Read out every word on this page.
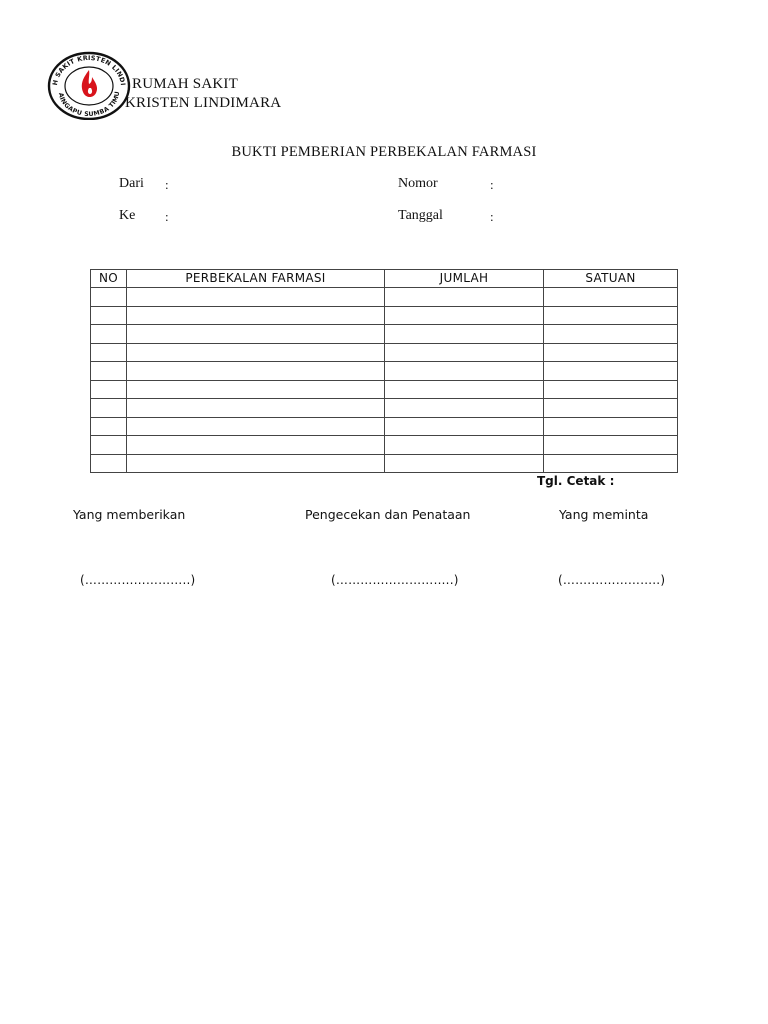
H SAKIT KRISTEN LINDI
AINGAPU SUMBA TIMU
RUMAH SAKIT
KRISTEN LINDIMARA
BUKTI PEMBERIAN PERBEKALAN FARMASI
Dari :
Ke :
Nomor	:
Tanggal	:
NO	PERBEKALAN FARMASI	JUMLAH	SATUAN

Tgl. Cetak :
Yang memberikan	Pengecekan dan Penataan	Yang meminta
(……………………..)	(………………………..)	(…….……………..)
